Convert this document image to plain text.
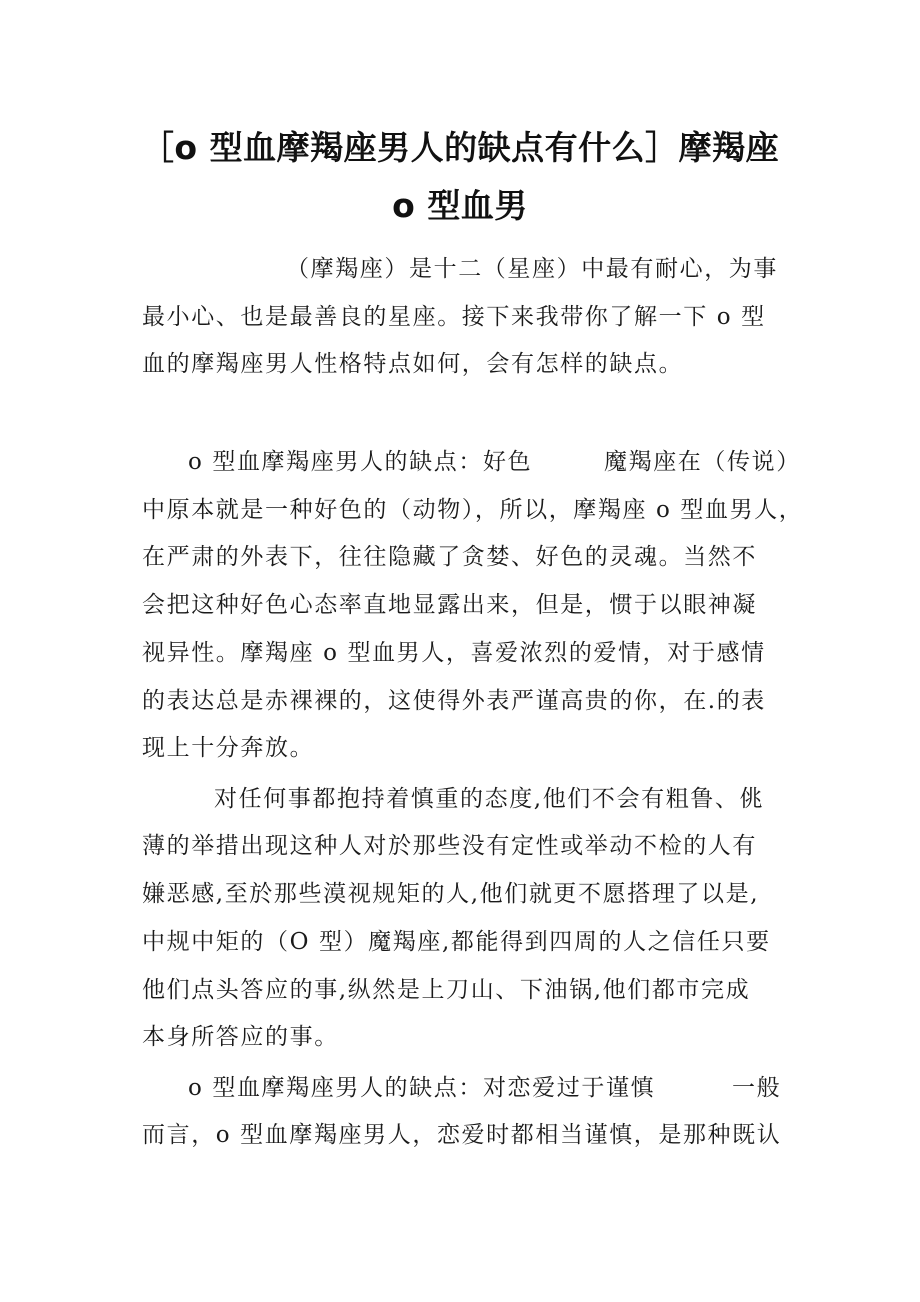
［o 型血摩羯座男人的缺点有什么］摩羯座
o 型血男
（摩羯座）是十二（星座）中最有耐心，为事
最小心、也是最善良的星座。接下来我带你了解一下 o 型
血的摩羯座男人性格特点如何，会有怎样的缺点。
o 型血摩羯座男人的缺点：好色	魔羯座在（传说）
中原本就是一种好色的（动物），所以，摩羯座 o 型血男人，
在严肃的外表下，往往隐藏了贪婪、好色的灵魂。当然不
会把这种好色心态率直地显露出来，但是，惯于以眼神凝
视异性。摩羯座 o 型血男人，喜爱浓烈的爱情，对于感情
的表达总是赤裸裸的，这使得外表严谨高贵的你，在.的表
现上十分奔放。
对任何事都抱持着慎重的态度,他们不会有粗鲁、佻
薄的举措出现这种人对於那些没有定性或举动不检的人有
嫌恶感,至於那些漠视规矩的人,他们就更不愿搭理了以是,
中规中矩的（O 型）魔羯座,都能得到四周的人之信任只要
他们点头答应的事,纵然是上刀山、下油锅,他们都市完成
本身所答应的事。
o 型血摩羯座男人的缺点：对恋爱过于谨慎	一般
而言，o 型血摩羯座男人，恋爱时都相当谨慎，是那种既认
